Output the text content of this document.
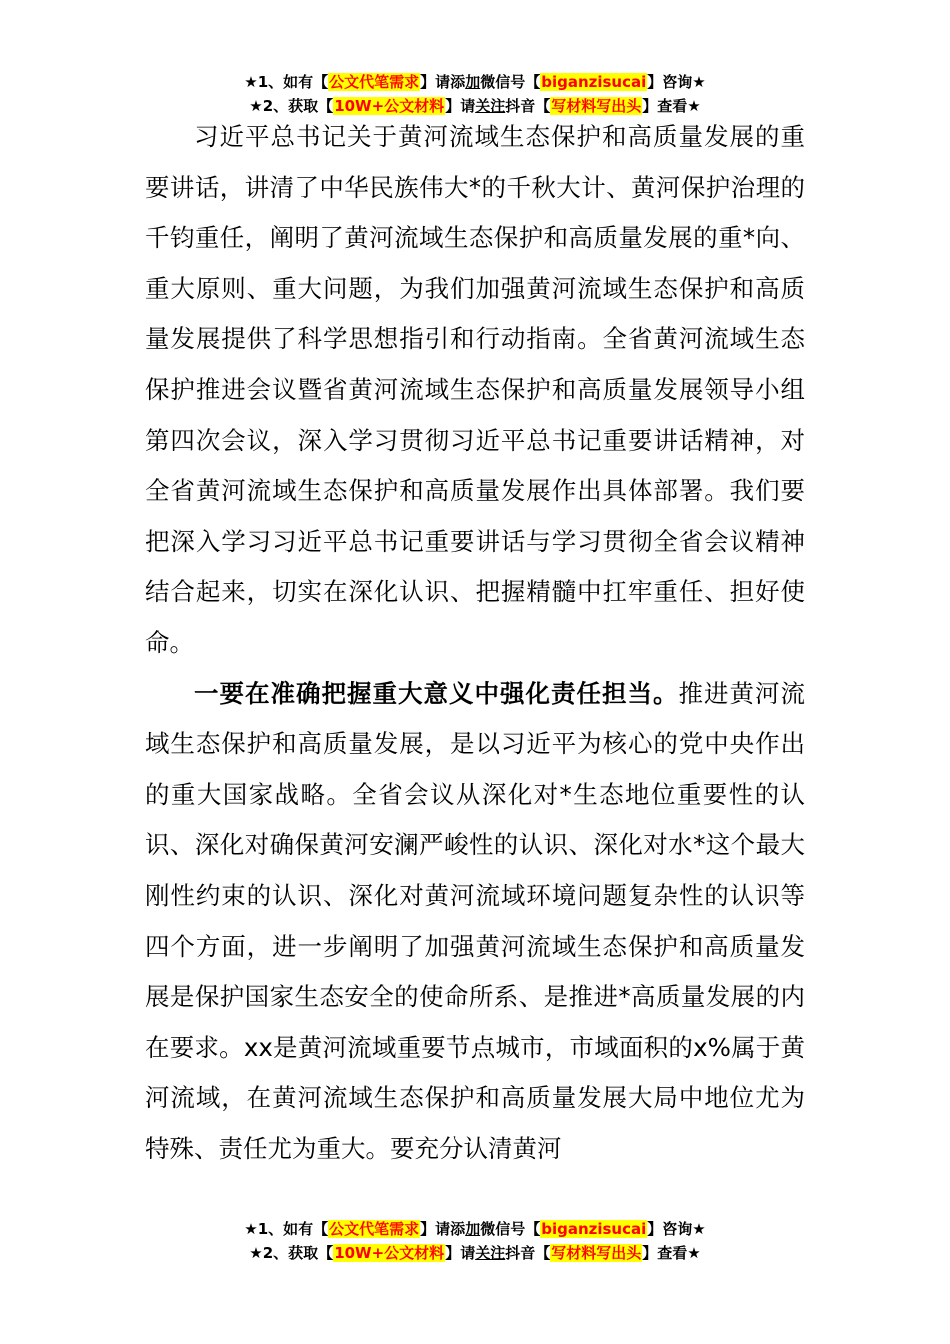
★1、如有【公文代笔需求】请添加微信号【biganzisucai】咨询★
★2、获取【10W+公文材料】请关注抖音【写材料写出头】查看★

习近平总书记关于黄河流域生态保护和高质量发展的重要讲话，讲清了中华民族伟大*的千秋大计、黄河保护治理的千钧重任，阐明了黄河流域生态保护和高质量发展的重*向、重大原则、重大问题，为我们加强黄河流域生态保护和高质量发展提供了科学思想指引和行动指南。全省黄河流域生态保护推进会议暨省黄河流域生态保护和高质量发展领导小组第四次会议，深入学习贯彻习近平总书记重要讲话精神，对全省黄河流域生态保护和高质量发展作出具体部署。我们要把深入学习习近平总书记重要讲话与学习贯彻全省会议精神结合起来，切实在深化认识、把握精髓中扛牢重任、担好使命。

一要在准确把握重大意义中强化责任担当。推进黄河流域生态保护和高质量发展，是以习近平为核心的党中央作出的重大国家战略。全省会议从深化对*生态地位重要性的认识、深化对确保黄河安澜严峻性的认识、深化对水*这个最大刚性约束的认识、深化对黄河流域环境问题复杂性的认识等四个方面，进一步阐明了加强黄河流域生态保护和高质量发展是保护国家生态安全的使命所系、是推进*高质量发展的内在要求。xx是黄河流域重要节点城市，市域面积的x%属于黄河流域，在黄河流域生态保护和高质量发展大局中地位尤为特殊、责任尤为重大。要充分认清黄河

★1、如有【公文代笔需求】请添加微信号【biganzisucai】咨询★
★2、获取【10W+公文材料】请关注抖音【写材料写出头】查看★
